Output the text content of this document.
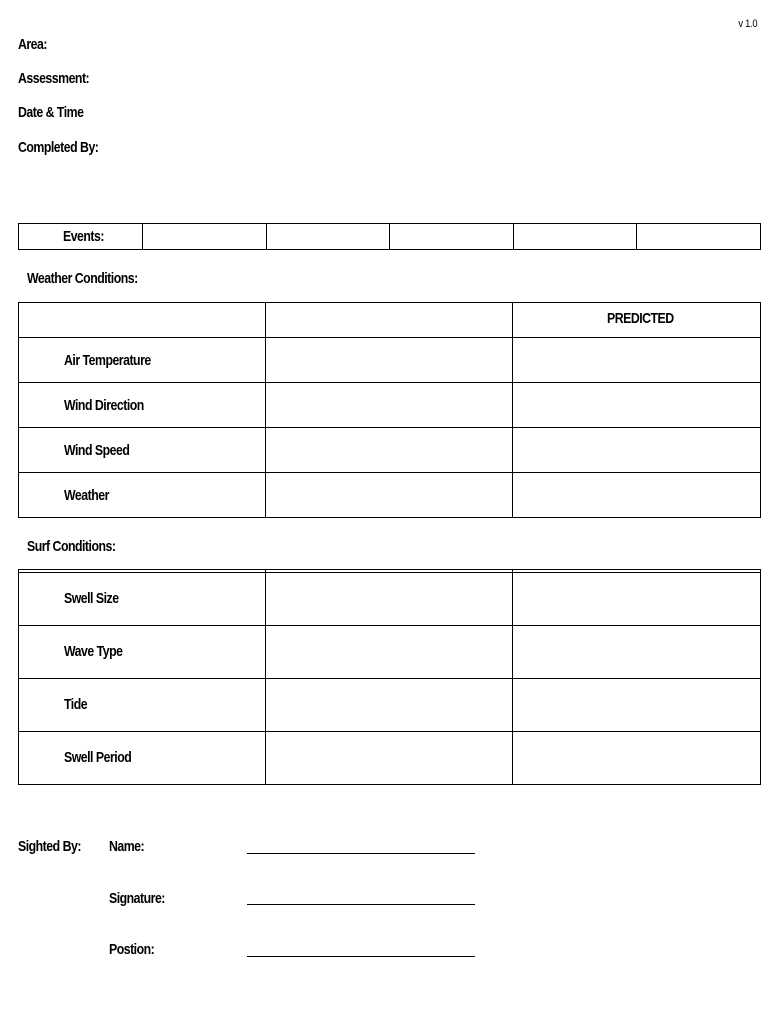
v 1.0
Area:
Assessment:
Date & Time
Completed By:
Events:

Weather Conditions:

		PREDICTED

Air Temperature		

Wind Direction		

Wind Speed		

Weather		

Surf Conditions:

Swell Size		

Wave Type		

Tide		

Swell Period		

Sighted By: Name:
Signature:
Postion:
